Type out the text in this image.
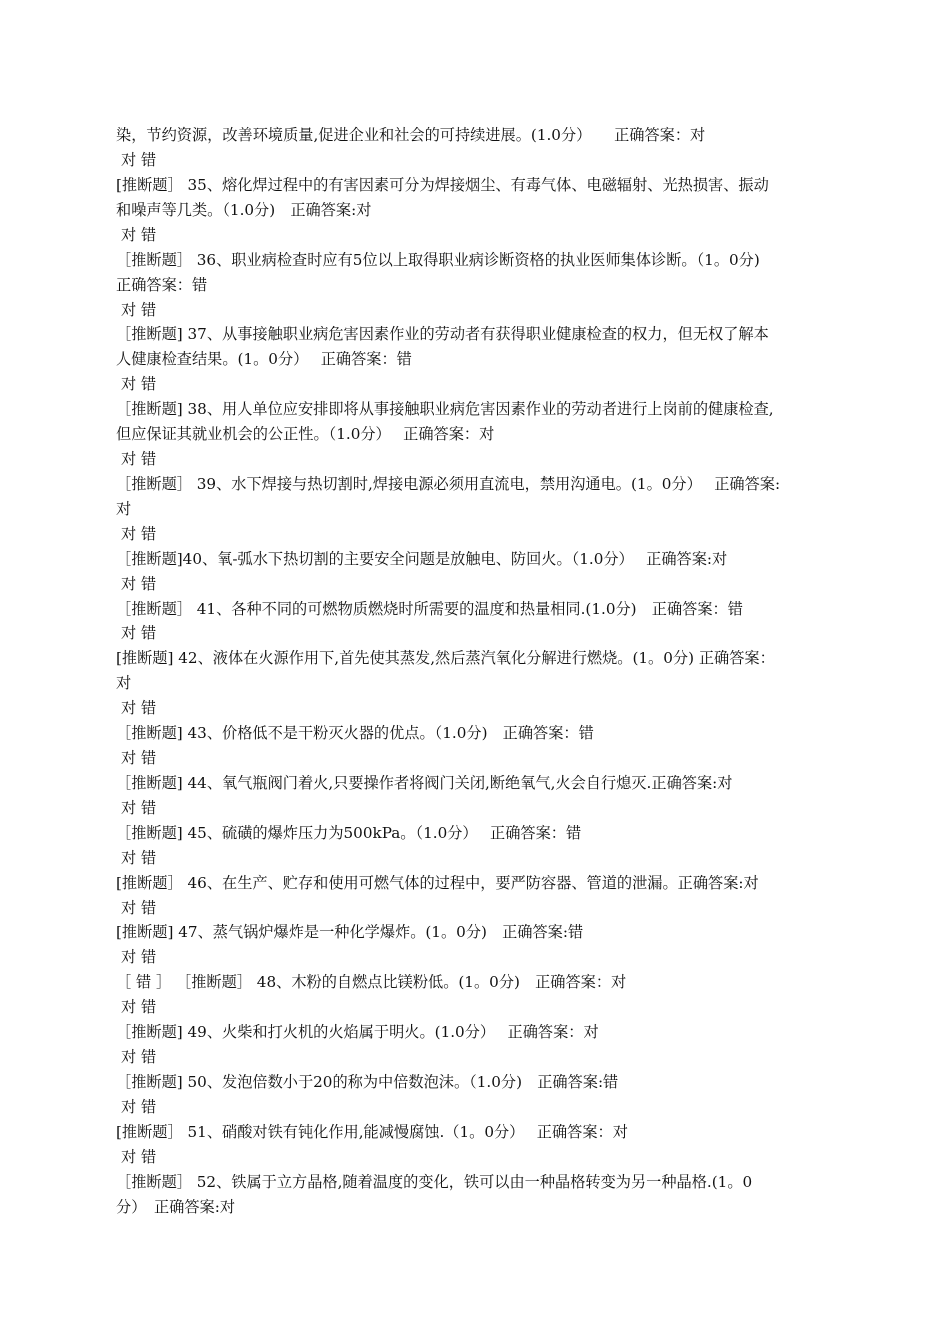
染，节约资源，改善环境质量,促进企业和社会的可持续进展。(1.0分）　　正确答案：对
对 错
[推断题］ 35、熔化焊过程中的有害因素可分为焊接烟尘、有毒气体、电磁辐射、光热损害、振动
和噪声等几类。（1.0分)　正确答案:对
对 错
［推断题］ 36、职业病检查时应有5位以上取得职业病诊断资格的执业医师集体诊断。（1。0分)
正确答案：错
对 错
［推断题] 37、从事接触职业病危害因素作业的劳动者有获得职业健康检查的权力，但无权了解本
人健康检查结果。(1。0分）　 正确答案：错
对 错
［推断题] 38、用人单位应安排即将从事接触职业病危害因素作业的劳动者进行上岗前的健康检查,
但应保证其就业机会的公正性。（1.0分）　 正确答案：对
对 错
［推断题］ 39、水下焊接与热切割时,焊接电源必须用直流电，禁用沟通电。(1。0分）　 正确答案:
对
对 错
［推断题]40、氧-弧水下热切割的主要安全问题是放触电、防回火。（1.0分）　 正确答案:对
对 错
［推断题］ 41、各种不同的可燃物质燃烧时所需要的温度和热量相同.(1.0分)　正确答案：错
对 错
[推断题] 42、液体在火源作用下,首先使其蒸发,然后蒸汽氧化分解进行燃烧。(1。0分) 正确答案：
对
对 错
［推断题] 43、价格低不是干粉灭火器的优点。（1.0分)　正确答案：错
对 错
［推断题] 44、氧气瓶阀门着火,只要操作者将阀门关闭,断绝氧气,火会自行熄灭.正确答案:对
对 错
［推断题] 45、硫磺的爆炸压力为500kPa。（1.0分）　 正确答案：错
对 错
[推断题］ 46、在生产、贮存和使用可燃气体的过程中，要严防容器、管道的泄漏。正确答案:对
对 错
[推断题] 47、蒸气锅炉爆炸是一种化学爆炸。(1。0分)　正确答案:错
对 错
［ 错 ］ ［推断题］ 48、木粉的自燃点比镁粉低。(1。0分)　正确答案：对
对 错
［推断题] 49、火柴和打火机的火焰属于明火。(1.0分）　 正确答案：对
对 错
［推断题] 50、发泡倍数小于20的称为中倍数泡沫。（1.0分)　正确答案:错
对 错
[推断题］ 51、硝酸对铁有钝化作用,能减慢腐蚀.（1。0分）　 正确答案：对
对 错
［推断题］ 52、铁属于立方晶格,随着温度的变化，铁可以由一种晶格转变为另一种晶格.(1。0
分）　正确答案:对
